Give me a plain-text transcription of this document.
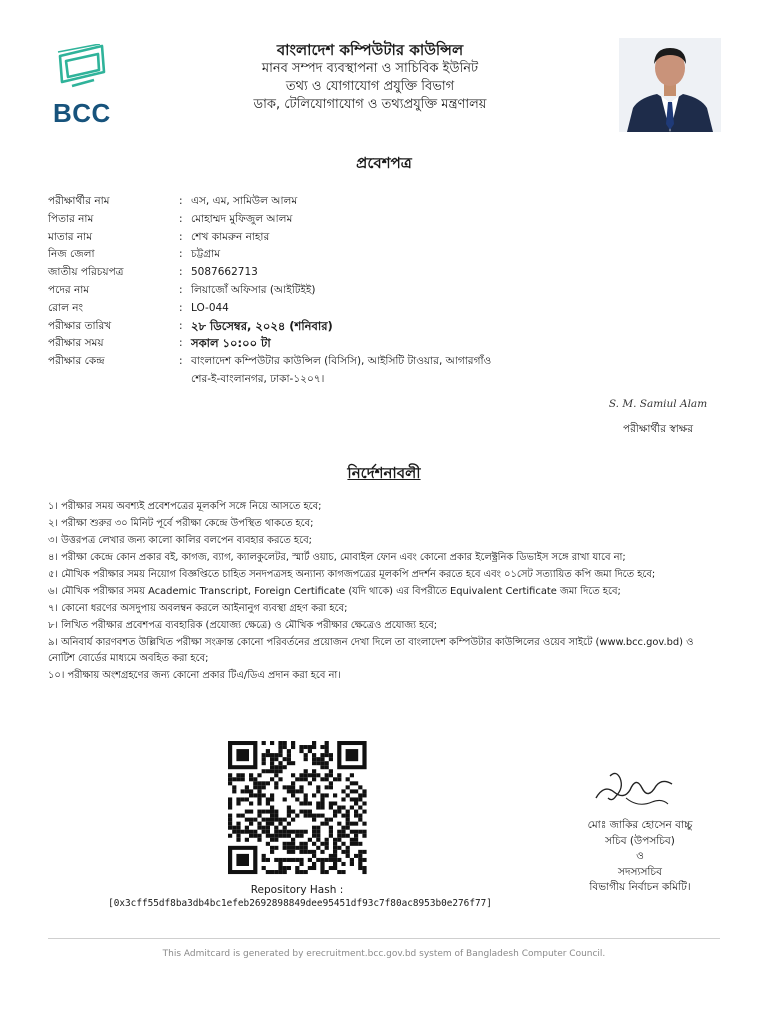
BCC
বাংলাদেশ কম্পিউটার কাউন্সিল
মানব সম্পদ ব্যবস্থাপনা ও সাচিবিক ইউনিট
তথ্য ও যোগাযোগ প্রযুক্তি বিভাগ
ডাক, টেলিযোগাযোগ ও তথ্যপ্রযুক্তি মন্ত্রণালয়
প্রবেশপত্র
পরীক্ষার্থীর নাম	: এস, এম, সামিউল আলম
পিতার নাম	: মোহাম্মদ মুফিজুল আলম
মাতার নাম	: শেখ কামরুন নাহার
নিজ জেলা	: চট্টগ্রাম
জাতীয় পরিচয়পত্র	: 5087662713
পদের নাম	: লিয়াজোঁ অফিসার (আইটিইই)
রোল নং	: LO-044
পরীক্ষার তারিখ	: ২৮ ডিসেম্বর, ২০২৪ (শনিবার)
পরীক্ষার সময়	: সকাল ১০:০০ টা
পরীক্ষার কেন্দ্র	: বাংলাদেশ কম্পিউটার কাউন্সিল (বিসিসি), আইসিটি টাওয়ার, আগারগাঁও
শের-ই-বাংলানগর, ঢাকা-১২০৭।
S. M. Samiul Alam
পরীক্ষার্থীর স্বাক্ষর
নির্দেশনাবলী
১। পরীক্ষার সময় অবশ্যই প্রবেশপত্রের মূলকপি সঙ্গে নিয়ে আসতে হবে;
২। পরীক্ষা শুরুর ৩০ মিনিট পূর্বে পরীক্ষা কেন্দ্রে উপস্থিত থাকতে হবে;
৩। উত্তরপত্র লেখার জন্য কালো কালির বলপেন ব্যবহার করতে হবে;
৪। পরীক্ষা কেন্দ্রে কোন প্রকার বই, কাগজ, ব্যাগ, ক্যালকুলেটর, স্মার্ট ওয়াচ, মোবাইল ফোন এবং কোনো প্রকার ইলেক্ট্রনিক ডিভাইস সঙ্গে রাখা যাবে না;
৫। মৌখিক পরীক্ষার সময় নিয়োগ বিজ্ঞপ্তিতে চাহিত সনদপত্রসহ অন্যান্য কাগজপত্রের মূলকপি প্রদর্শন করতে হবে এবং ০১সেট সত্যায়িত কপি জমা দিতে হবে;
৬। মৌখিক পরীক্ষার সময় Academic Transcript, Foreign Certificate (যদি থাকে) এর বিপরীতে Equivalent Certificate জমা দিতে হবে;
৭। কোনো ধরণের অসদুপায় অবলম্বন করলে আইনানুগ ব্যবস্থা গ্রহণ করা হবে;
৮। লিখিত পরীক্ষার প্রবেশপত্র ব্যবহারিক (প্রযোজ্য ক্ষেত্রে) ও মৌখিক পরীক্ষার ক্ষেত্রেও প্রযোজ্য হবে;
৯। অনিবার্য কারণবশত উল্লিখিত পরীক্ষা সংক্রান্ত কোনো পরিবর্তনের প্রয়োজন দেখা দিলে তা বাংলাদেশ কম্পিউটার কাউন্সিলের ওয়েব সাইটে (www.bcc.gov.bd) ও নোটিশ বোর্ডের মাধ্যমে অবহিত করা হবে;
১০। পরীক্ষায় অংশগ্রহণের জন্য কোনো প্রকার টিএ/ডিএ প্রদান করা হবে না।
Repository Hash :
[0x3cff55df8ba3db4bc1efeb2692898849dee95451df93c7f80ac8953b0e276f77]
মোঃ জাকির হোসেন বাচ্চু
সচিব (উপসচিব)
ও
সদস্যসচিব
বিভাগীয় নির্বাচন কমিটি।
This Admitcard is generated by erecruitment.bcc.gov.bd system of Bangladesh Computer Council.
